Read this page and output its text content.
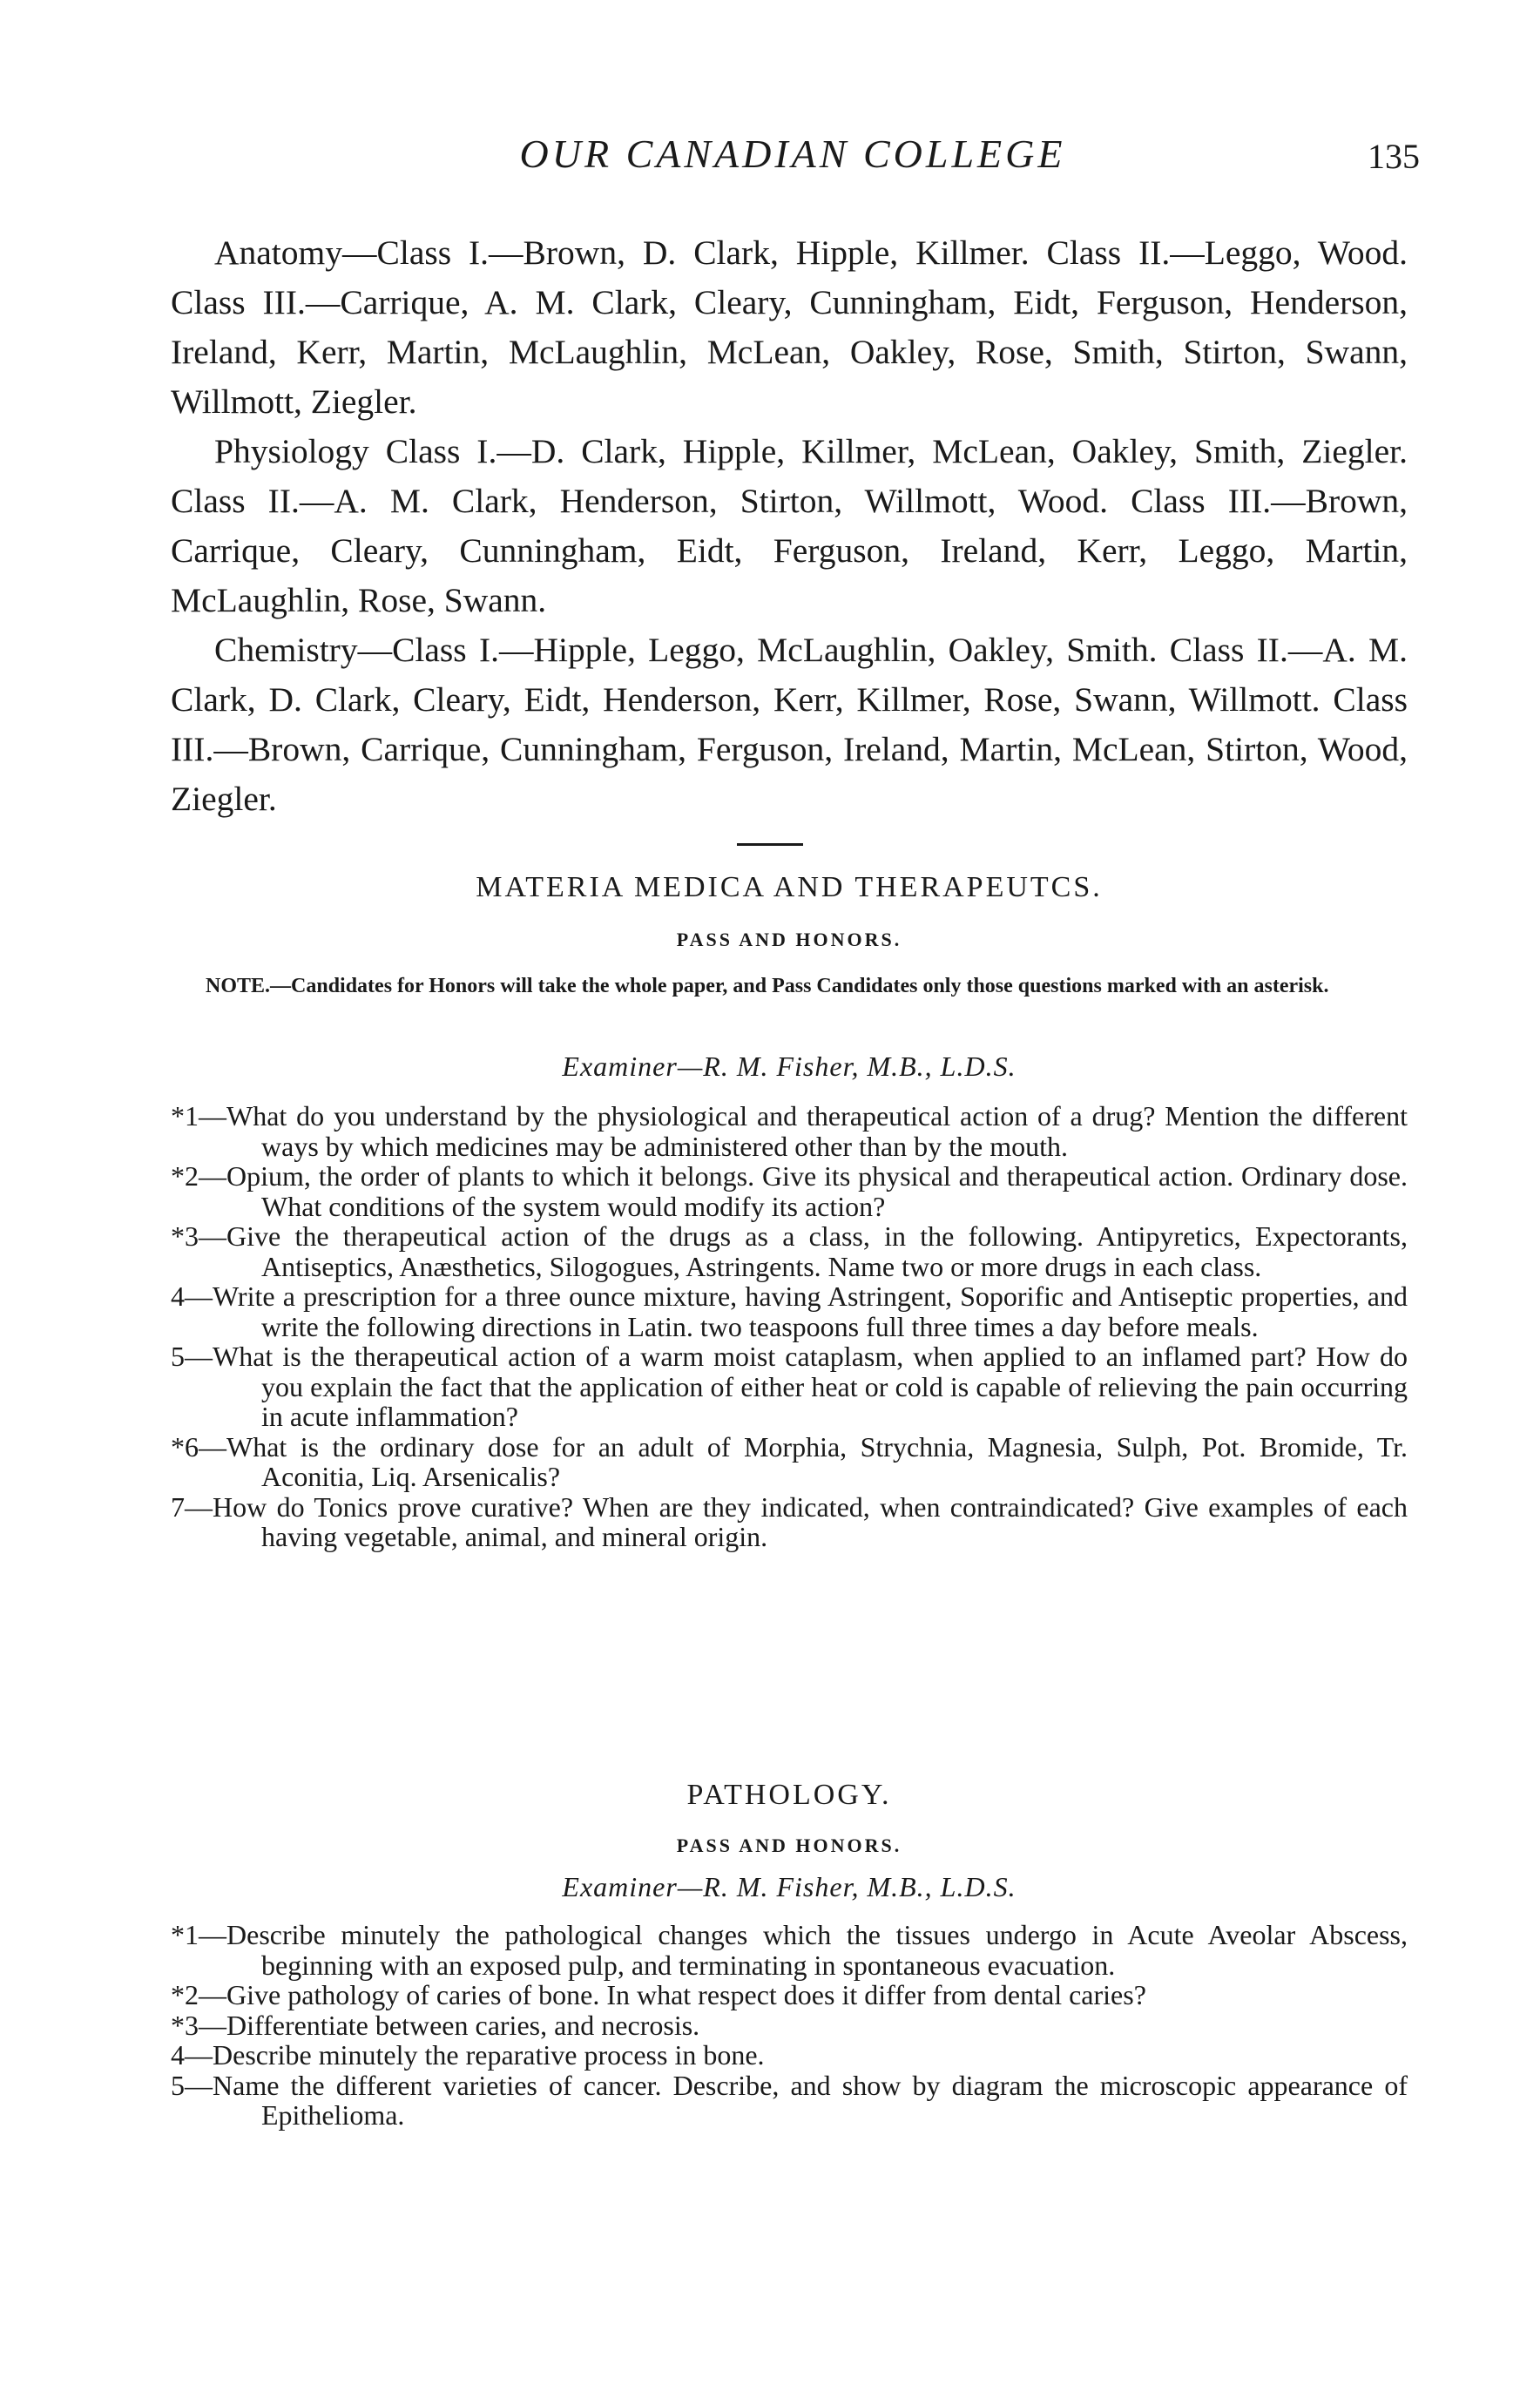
OUR CANADIAN COLLEGE	135

Anatomy—Class I.—Brown, D. Clark, Hipple, Killmer. Class II.—Leggo, Wood. Class III.—Carrique, A. M. Clark, Cleary, Cunningham, Eidt, Ferguson, Henderson, Ireland, Kerr, Martin, McLaughlin, McLean, Oakley, Rose, Smith, Stirton, Swann, Willmott, Ziegler.

Physiology Class I.—D. Clark, Hipple, Killmer, McLean, Oakley, Smith, Ziegler. Class II.—A. M. Clark, Henderson, Stirton, Willmott, Wood. Class III.—Brown, Carrique, Cleary, Cunningham, Eidt, Ferguson, Ireland, Kerr, Leggo, Martin, McLaughlin, Rose, Swann.

Chemistry—Class I.—Hipple, Leggo, McLaughlin, Oakley, Smith. Class II.—A. M. Clark, D. Clark, Cleary, Eidt, Henderson, Kerr, Killmer, Rose, Swann, Willmott. Class III.—Brown, Carrique, Cunningham, Ferguson, Ireland, Martin, McLean, Stirton, Wood, Ziegler.

MATERIA MEDICA AND THERAPEUTCS.
PASS AND HONORS.

NOTE.—Candidates for Honors will take the whole paper, and Pass Candidates only those questions marked with an asterisk.

Examiner—R. M. Fisher, M.B., L.D.S.
*1—What do you understand by the physiological and therapeutical action of a drug? Mention the different ways by which medicines may be administered other than by the mouth.
*2—Opium, the order of plants to which it belongs. Give its physical and therapeutical action. Ordinary dose. What conditions of the system would modify its action?
*3—Give the therapeutical action of the drugs as a class, in the following. Antipyretics, Expectorants, Antiseptics, Anæsthetics, Silogogues, Astringents. Name two or more drugs in each class.
4—Write a prescription for a three ounce mixture, having Astringent, Soporific and Antiseptic properties, and write the following directions in Latin. two teaspoons full three times a day before meals.
5—What is the therapeutical action of a warm moist cataplasm, when applied to an inflamed part? How do you explain the fact that the application of either heat or cold is capable of relieving the pain occurring in acute inflammation?
*6—What is the ordinary dose for an adult of Morphia, Strychnia, Magnesia, Sulph, Pot. Bromide, Tr. Aconitia, Liq. Arsenicalis?
7—How do Tonics prove curative? When are they indicated, when contraindicated? Give examples of each having vegetable, animal, and mineral origin.
PATHOLOGY.
PASS AND HONORS.
Examiner—R. M. Fisher, M.B., L.D.S.
*1—Describe minutely the pathological changes which the tissues undergo in Acute Aveolar Abscess, beginning with an exposed pulp, and terminating in spontaneous evacuation.
*2—Give pathology of caries of bone. In what respect does it differ from dental caries?
*3—Differentiate between caries, and necrosis.
4—Describe minutely the reparative process in bone.
5—Name the different varieties of cancer. Describe, and show by diagram the microscopic appearance of Epithelioma.
